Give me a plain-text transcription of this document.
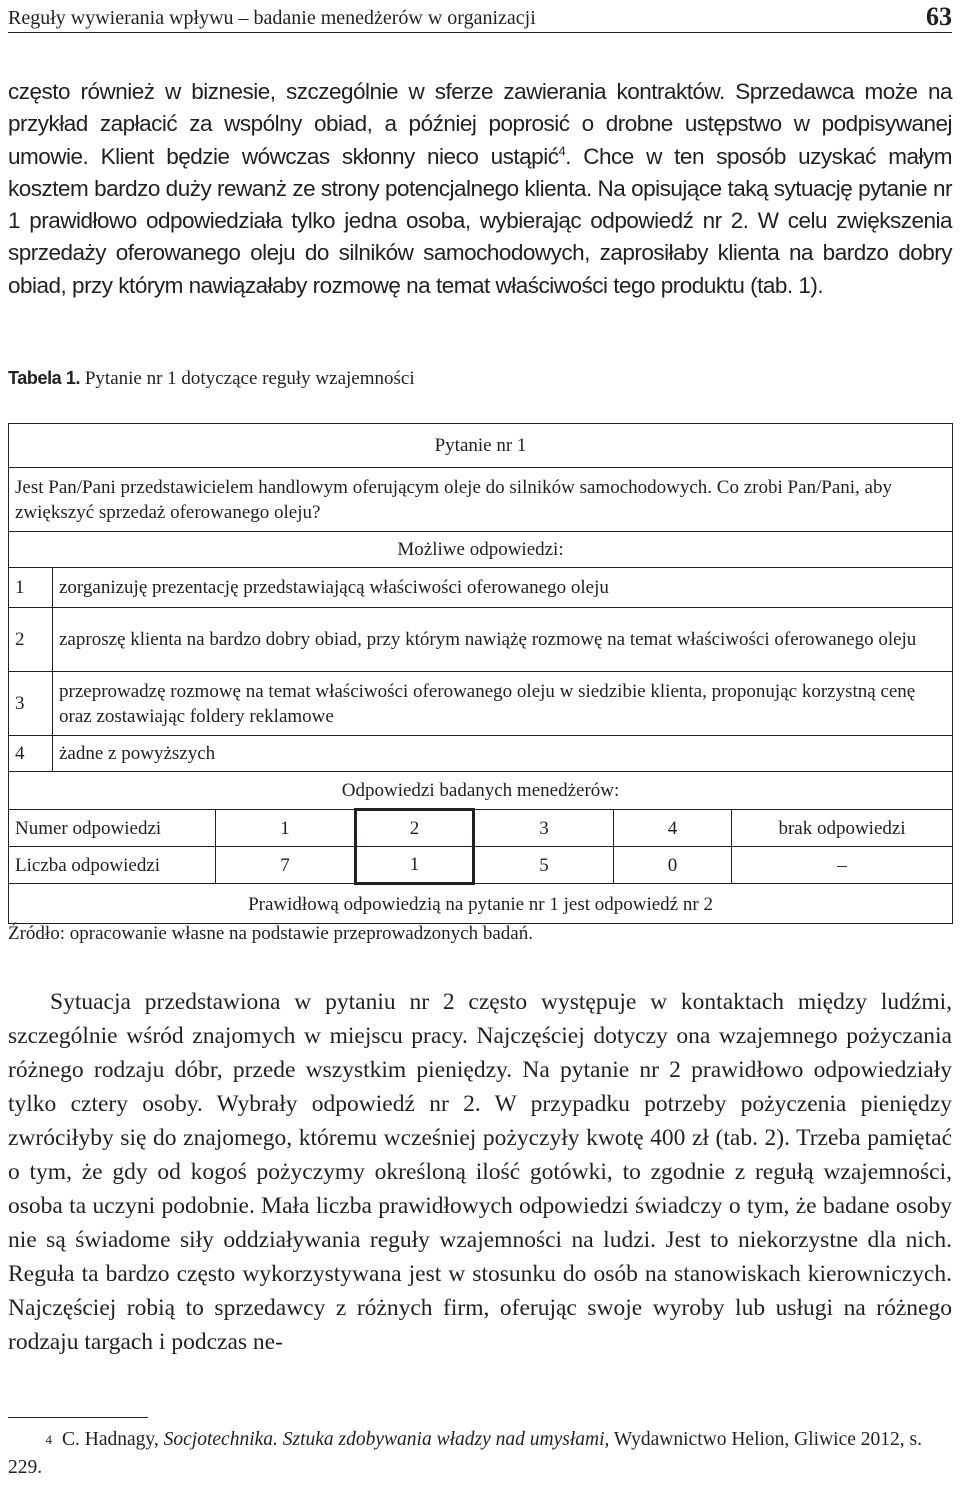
Reguły wywierania wpływu – badanie menedżerów w organizacji	63
często również w biznesie, szczególnie w sferze zawierania kontraktów. Sprzedawca może na przykład zapłacić za wspólny obiad, a później poprosić o drobne ustępstwo w podpisywanej umowie. Klient będzie wówczas skłonny nieco ustąpić$^4$. Chce w ten sposób uzyskać małym kosztem bardzo duży rewanż ze strony potencjalnego klienta. Na opisujące taką sytuację pytanie nr 1 prawidłowo odpowiedziała tylko jedna osoba, wybierając odpowiedź nr 2. W celu zwiększenia sprzedaży oferowanego oleju do silników samochodowych, zaprosiłaby klienta na bardzo dobry obiad, przy którym nawiązałaby rozmowę na temat właściwości tego produktu (tab. 1).
Tabela 1. Pytanie nr 1 dotyczące reguły wzajemności
Pytanie nr 1						
Jest Pan/Pani przedstawicielem handlowym oferującym oleje do silników samochodowych. Co zrobi Pan/Pani, aby zwiększyć sprzedaż oferowanego oleju?						
Możliwe odpowiedzi:						
1	zorganizuję prezentację przedstawiającą właściwości oferowanego oleju					
2	zaproszę klienta na bardzo dobry obiad, przy którym nawiążę rozmowę na temat właściwości oferowanego oleju					
3	przeprowadzę rozmowę na temat właściwości oferowanego oleju w siedzibie klienta, proponując korzystną cenę oraz zostawiając foldery reklamowe					
4	żadne z powyższych					
Odpowiedzi badanych menedżerów:						
Numer odpowiedzi		1	2	3	4	brak odpowiedzi
Liczba odpowiedzi		7	1	5	0	–
Prawidłową odpowiedzią na pytanie nr 1 jest odpowiedź nr 2						
Źródło: opracowanie własne na podstawie przeprowadzonych badań.

Sytuacja przedstawiona w pytaniu nr 2 często występuje w kontaktach między ludźmi, szczególnie wśród znajomych w miejscu pracy. Najczęściej dotyczy ona wzajemnego pożyczania różnego rodzaju dóbr, przede wszystkim pieniędzy. Na pytanie nr 2 prawidłowo odpowiedziały tylko cztery osoby. Wybrały odpowiedź nr 2. W przypadku potrzeby pożyczenia pieniędzy zwróciłyby się do znajomego, któremu wcześniej pożyczyły kwotę 400 zł (tab. 2). Trzeba pamiętać o tym, że gdy od kogoś pożyczymy określoną ilość gotówki, to zgodnie z regułą wzajemności, osoba ta uczyni podobnie. Mała liczba prawidłowych odpowiedzi świadczy o tym, że badane osoby nie są świadome siły oddziaływania reguły wzajemności na ludzi. Jest to niekorzystne dla nich. Reguła ta bardzo często wykorzystywana jest w stosunku do osób na stanowiskach kierowniczych. Najczęściej robią to sprzedawcy z różnych firm, oferując swoje wyroby lub usługi na różnego rodzaju targach i podczas ne-

4 C. Hadnagy, Socjotechnika. Sztuka zdobywania władzy nad umysłami, Wydawnictwo Helion, Gliwice 2012, s. 229.
